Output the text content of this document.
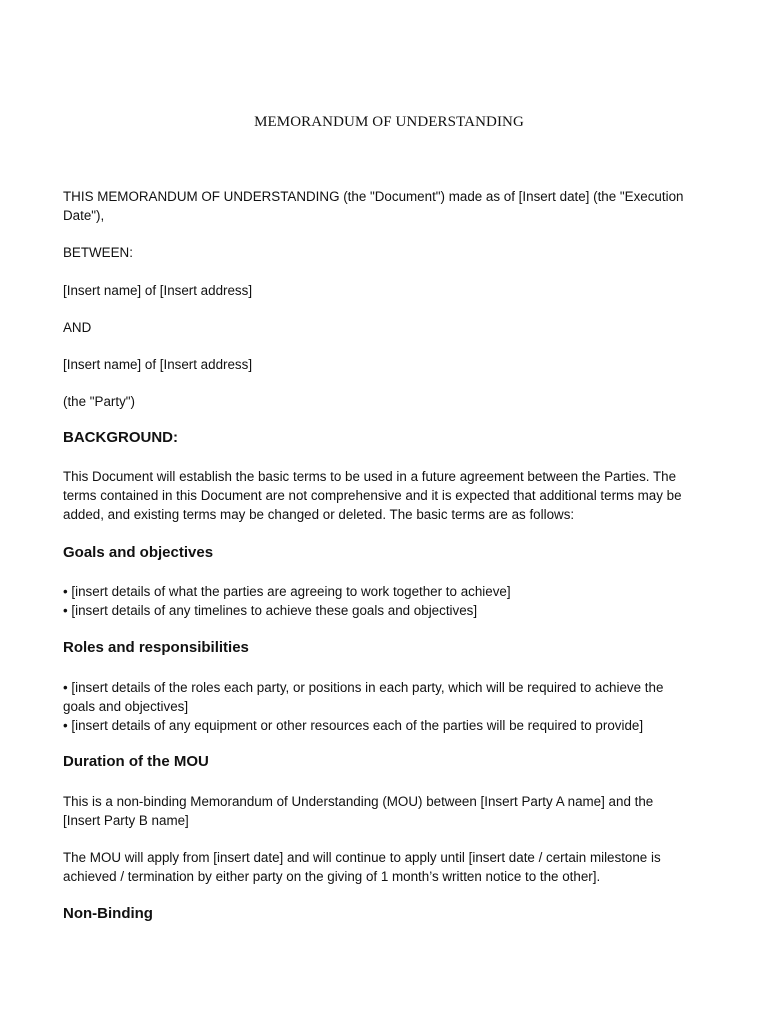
MEMORANDUM OF UNDERSTANDING

THIS MEMORANDUM OF UNDERSTANDING (the "Document") made as of [Insert date] (the "Execution
Date"),

BETWEEN:

[Insert name] of [Insert address]

AND

[Insert name] of [Insert address]

(the "Party")

BACKGROUND:

This Document will establish the basic terms to be used in a future agreement between the Parties. The
terms contained in this Document are not comprehensive and it is expected that additional terms may be
added, and existing terms may be changed or deleted. The basic terms are as follows:

Goals and objectives

• [insert details of what the parties are agreeing to work together to achieve]
• [insert details of any timelines to achieve these goals and objectives]

Roles and responsibilities

• [insert details of the roles each party, or positions in each party, which will be required to achieve the
goals and objectives]
• [insert details of any equipment or other resources each of the parties will be required to provide]

Duration of the MOU

This is a non-binding Memorandum of Understanding (MOU) between [Insert Party A name] and the
[Insert Party B name]

The MOU will apply from [insert date] and will continue to apply until [insert date / certain milestone is
achieved / termination by either party on the giving of 1 month’s written notice to the other].

Non-Binding
